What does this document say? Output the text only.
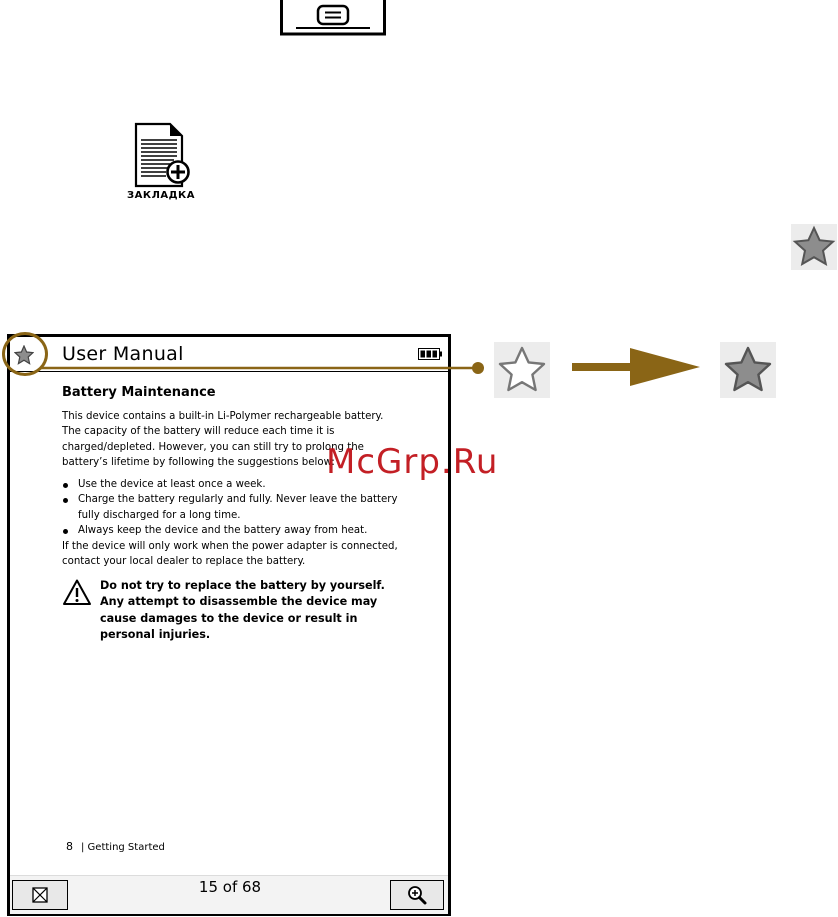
ЗАКЛАДКА
User Manual
Battery Maintenance

This device contains a built-in Li-Polymer rechargeable battery. The capacity of the battery will reduce each time it is charged/depleted. However, you can still try to prolong the battery’s lifetime by following the suggestions below:

Use the device at least once a week.
Charge the battery regularly and fully. Never leave the battery fully discharged for a long time.
Always keep the device and the battery away from heat.

If the device will only work when the power adapter is connected, contact your local dealer to replace the battery.

Do not try to replace the battery by yourself. Any attempt to disassemble the device may cause damages to the device or result in personal injuries.
8 | Getting Started
15 of 68
McGrp.Ru
